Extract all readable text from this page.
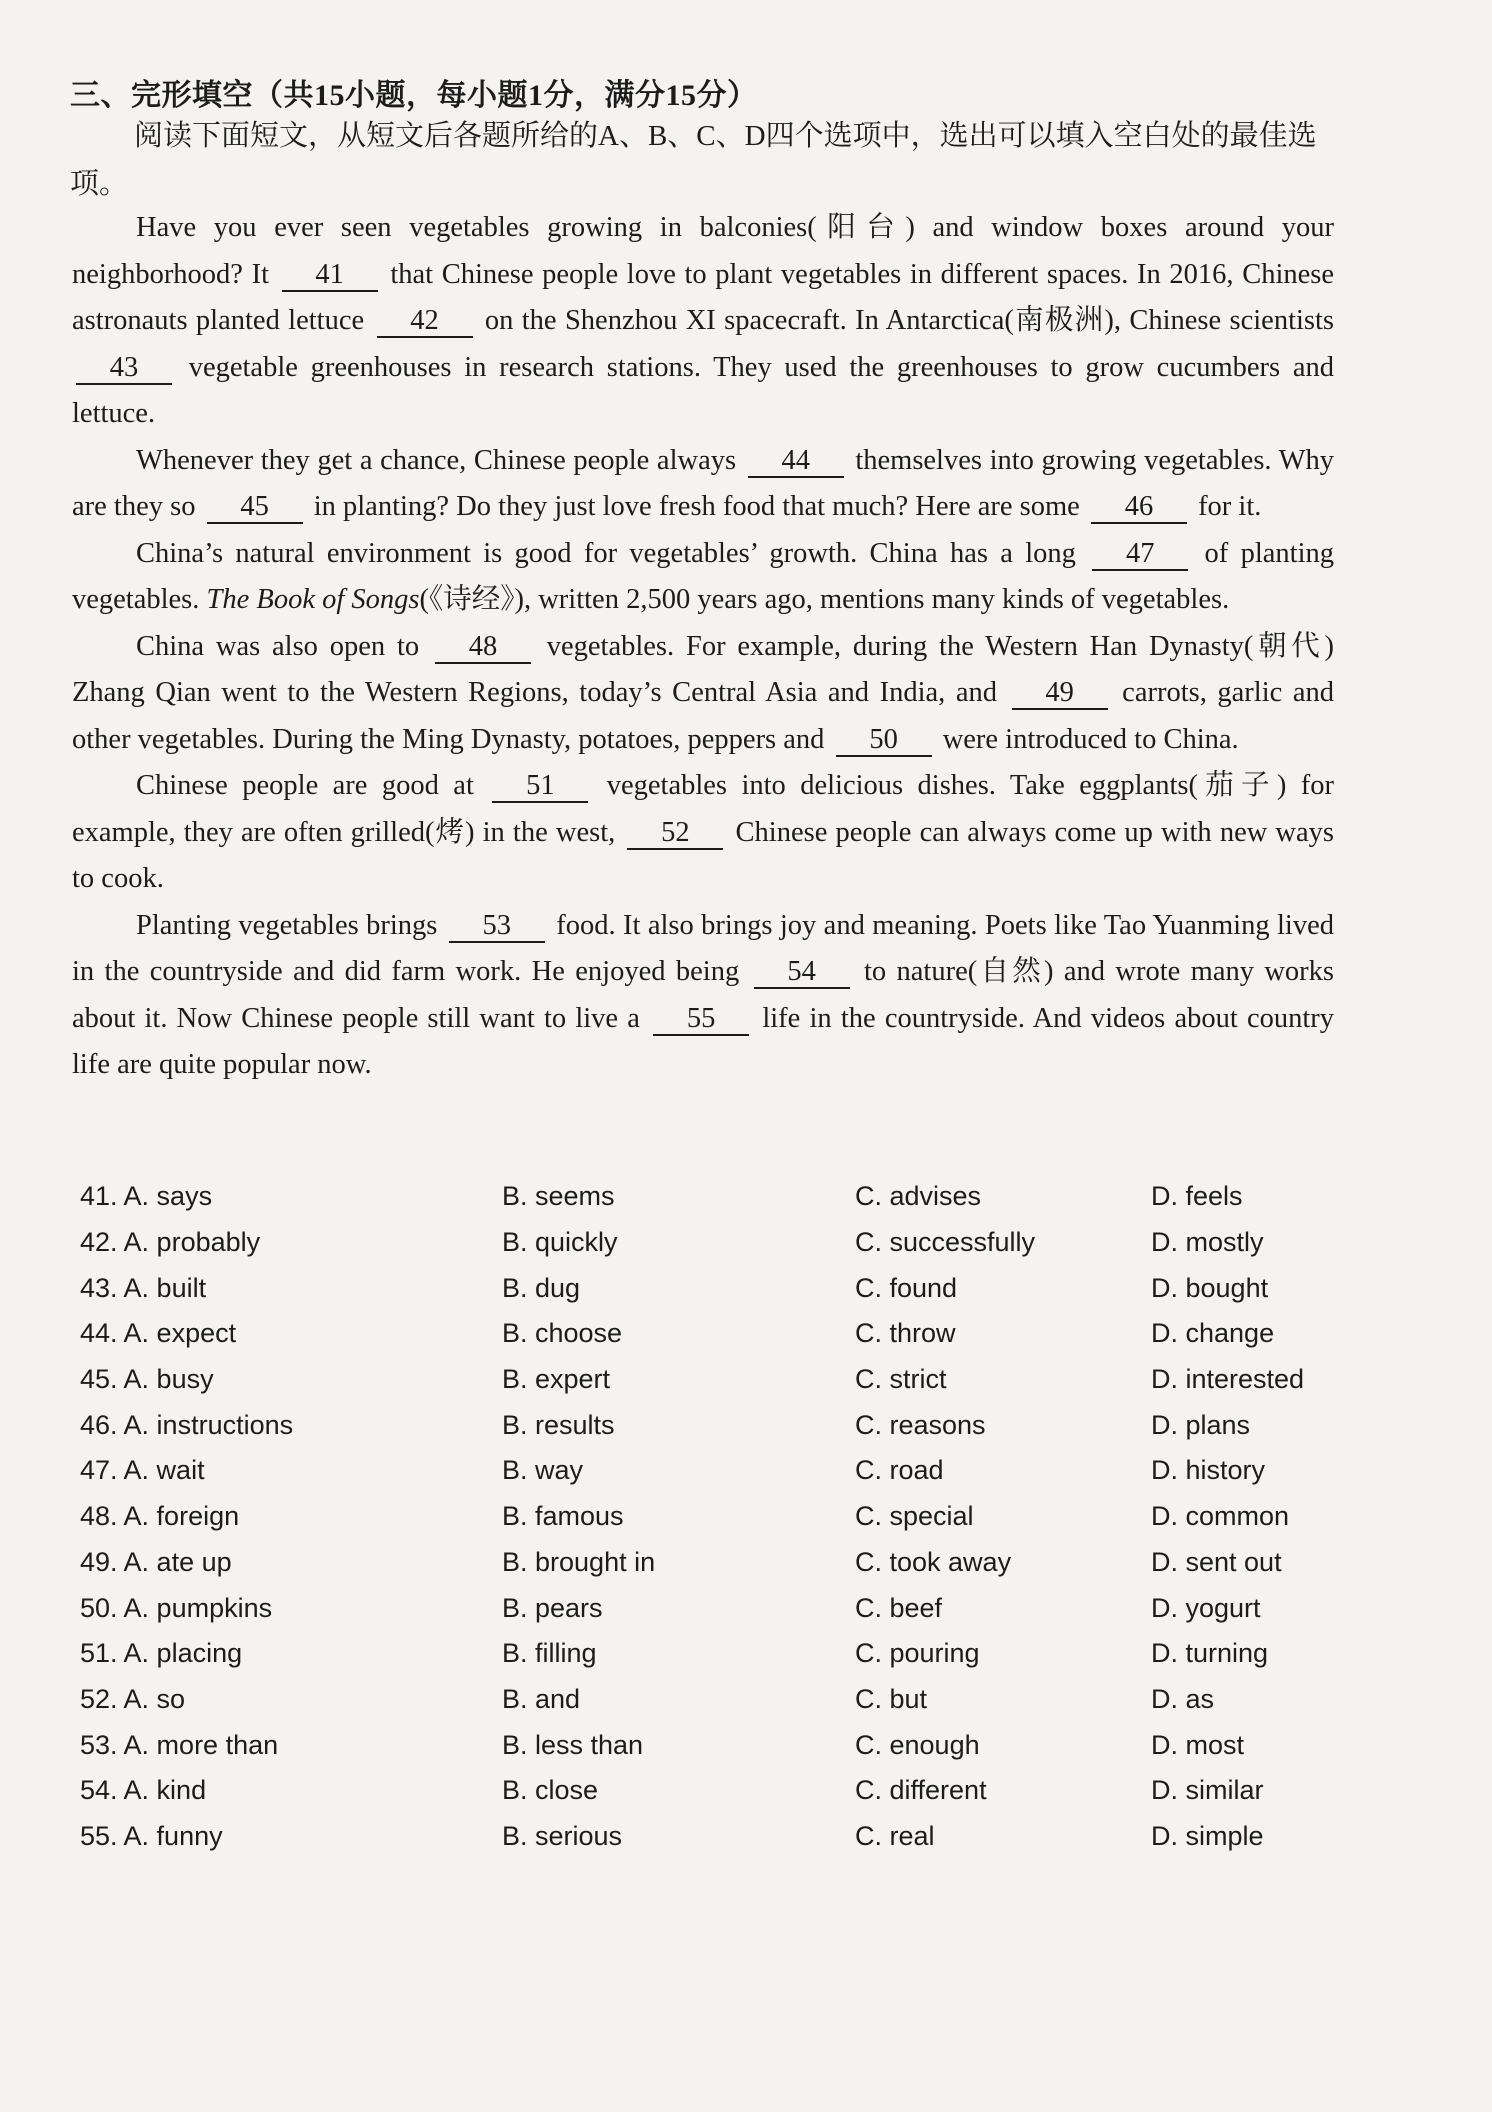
三、完形填空（共15小题，每小题1分，满分15分）
阅读下面短文，从短文后各题所给的A、B、C、D四个选项中，选出可以填入空白处的最佳选项。

Have you ever seen vegetables growing in balconies(阳台) and window boxes around your neighborhood? It 41 that Chinese people love to plant vegetables in different spaces. In 2016, Chinese astronauts planted lettuce 42 on the Shenzhou XI spacecraft. In Antarctica(南极洲), Chinese scientists 43 vegetable greenhouses in research stations. They used the greenhouses to grow cucumbers and lettuce.

Whenever they get a chance, Chinese people always 44 themselves into growing vegetables. Why are they so 45 in planting? Do they just love fresh food that much? Here are some 46 for it.

China’s natural environment is good for vegetables’ growth. China has a long 47 of planting vegetables. The Book of Songs(《诗经》), written 2,500 years ago, mentions many kinds of vegetables.

China was also open to 48 vegetables. For example, during the Western Han Dynasty(朝代) Zhang Qian went to the Western Regions, today’s Central Asia and India, and 49 carrots, garlic and other vegetables. During the Ming Dynasty, potatoes, peppers and 50 were introduced to China.

Chinese people are good at 51 vegetables into delicious dishes. Take eggplants(茄子) for example, they are often grilled(烤) in the west, 52 Chinese people can always come up with new ways to cook.

Planting vegetables brings 53 food. It also brings joy and meaning. Poets like Tao Yuanming lived in the countryside and did farm work. He enjoyed being 54 to nature(自然) and wrote many works about it. Now Chinese people still want to live a 55 life in the countryside. And videos about country life are quite popular now.

41. A. says	B. seems	C. advises	D. feels
42. A. probably	B. quickly	C. successfully	D. mostly
43. A. built	B. dug	C. found	D. bought
44. A. expect	B. choose	C. throw	D. change
45. A. busy	B. expert	C. strict	D. interested
46. A. instructions	B. results	C. reasons	D. plans
47. A. wait	B. way	C. road	D. history
48. A. foreign	B. famous	C. special	D. common
49. A. ate up	B. brought in	C. took away	D. sent out
50. A. pumpkins	B. pears	C. beef	D. yogurt
51. A. placing	B. filling	C. pouring	D. turning
52. A. so	B. and	C. but	D. as
53. A. more than	B. less than	C. enough	D. most
54. A. kind	B. close	C. different	D. similar
55. A. funny	B. serious	C. real	D. simple
